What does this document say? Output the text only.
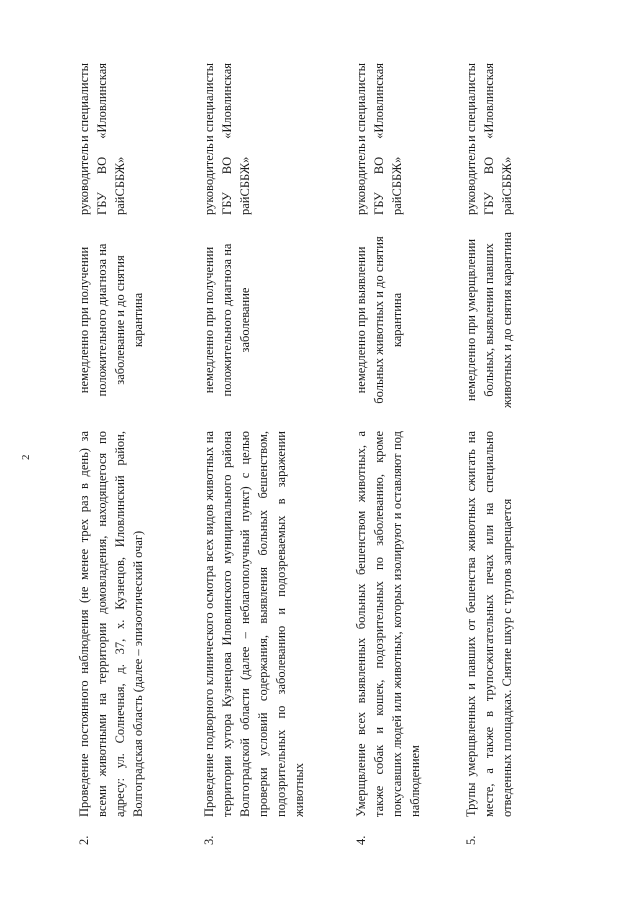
2
2.
Проведение постоянного наблюдения (не менее трех раз в день) за всеми животными на территории домовладения, находящегося по адресу: ул. Солнечная, д. 37, х. Кузнецов, Иловлинский район, Волгоградская область (далее – эпизоотический очаг)
немедленно при получении положительного диагноза на заболевание и до снятия карантина
руководитель
и специалисты
ГБУ
ВО
«Иловлинская
райСББЖ»
3.
Проведение подворного клинического осмотра всех видов животных на территории хутора Кузнецова Иловлинского муниципального района Волгоградской области (далее – неблагополучный пункт) с целью проверки условий содержания, выявления больных бешенством, подозрительных по заболеванию и подозреваемых в заражении животных
немедленно при получении положительного диагноза на заболевание
руководитель
и специалисты
ГБУ
ВО
«Иловлинская
райСББЖ»
4.
Умерщвление всех выявленных больных бешенством животных, а также собак и кошек, подозрительных по заболеванию, кроме покусавших людей или животных, которых изолируют и оставляют под наблюдением
немедленно при выявлении больных животных и до снятия карантина
руководитель
и специалисты
ГБУ
ВО
«Иловлинская
райСББЖ»
5.
Трупы умерщвленных и павших от бешенства животных сжигать на месте, а также в трупосжигательных печах или на специально отведенных площадках. Снятие шкур с трупов запрещается
немедленно при умерщвлении больных, выявлении павших животных и до снятия карантина
руководитель
и специалисты
ГБУ
ВО
«Иловлинская
райСББЖ»
